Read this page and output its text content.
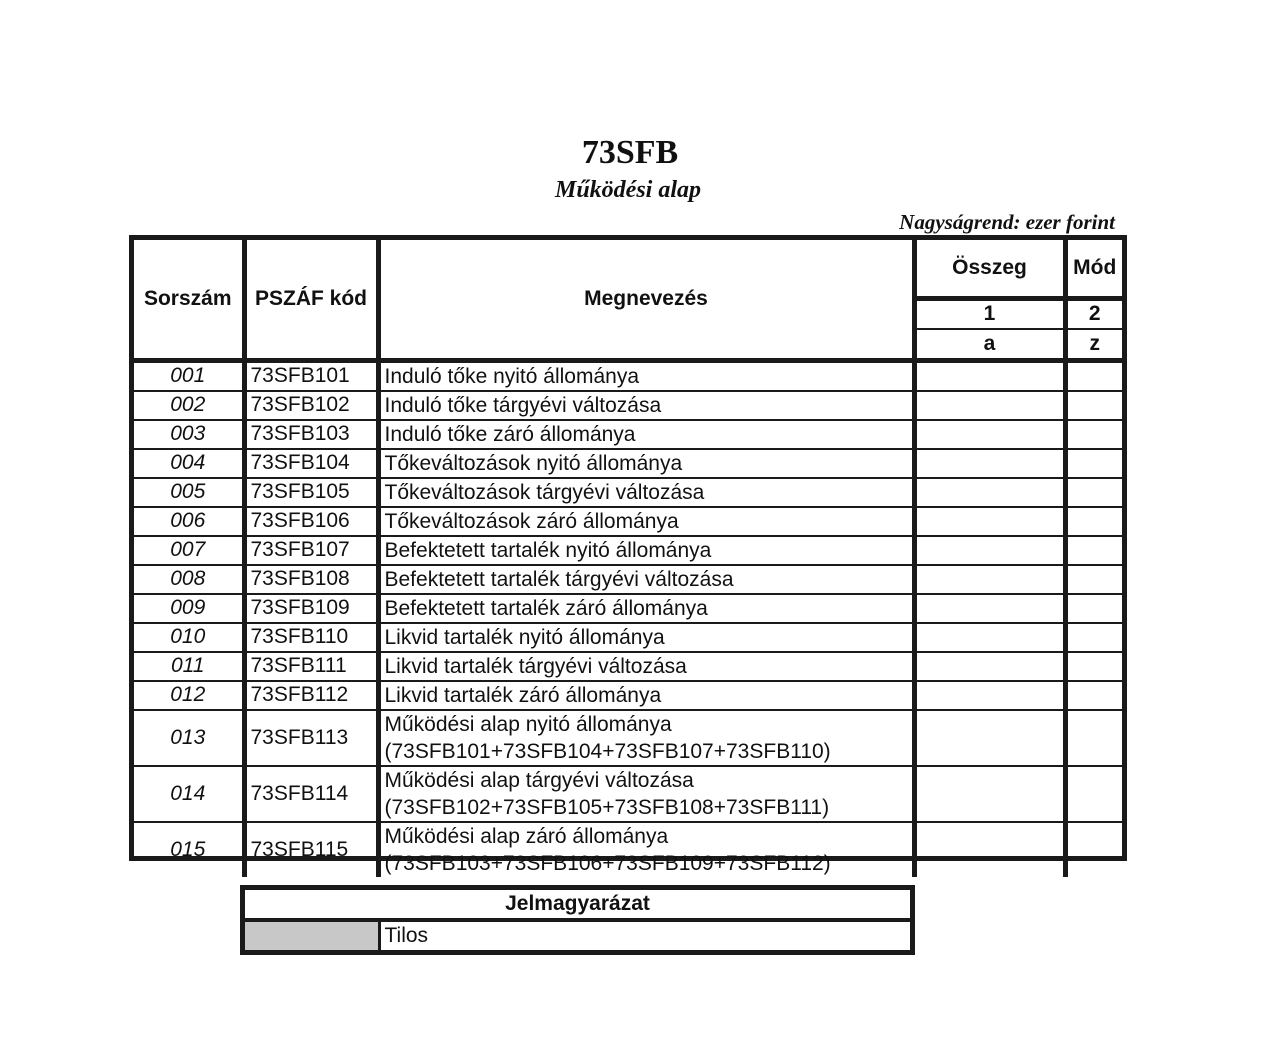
73SFB
Működési alap
Nagyságrend: ezer forint
Sorszám	PSZÁF kód	Megnevezés	Összeg	Mód
			1	2
			a	z
001	73SFB101	Induló tőke nyitó állománya		
002	73SFB102	Induló tőke tárgyévi változása		
003	73SFB103	Induló tőke záró állománya		
004	73SFB104	Tőkeváltozások nyitó állománya		
005	73SFB105	Tőkeváltozások tárgyévi változása		
006	73SFB106	Tőkeváltozások záró állománya		
007	73SFB107	Befektetett tartalék nyitó állománya		
008	73SFB108	Befektetett tartalék tárgyévi változása		
009	73SFB109	Befektetett tartalék záró állománya		
010	73SFB110	Likvid tartalék nyitó állománya		
011	73SFB111	Likvid tartalék tárgyévi változása		
012	73SFB112	Likvid tartalék záró állománya		
013	73SFB113	Működési alap nyitó állománya
(73SFB101+73SFB104+73SFB107+73SFB110)		

014	73SFB114	Működési alap tárgyévi változása
(73SFB102+73SFB105+73SFB108+73SFB111)		

015	73SFB115	Működési alap záró állománya
(73SFB103+73SFB106+73SFB109+73SFB112)		

Jelmagyarázat
	Tilos
